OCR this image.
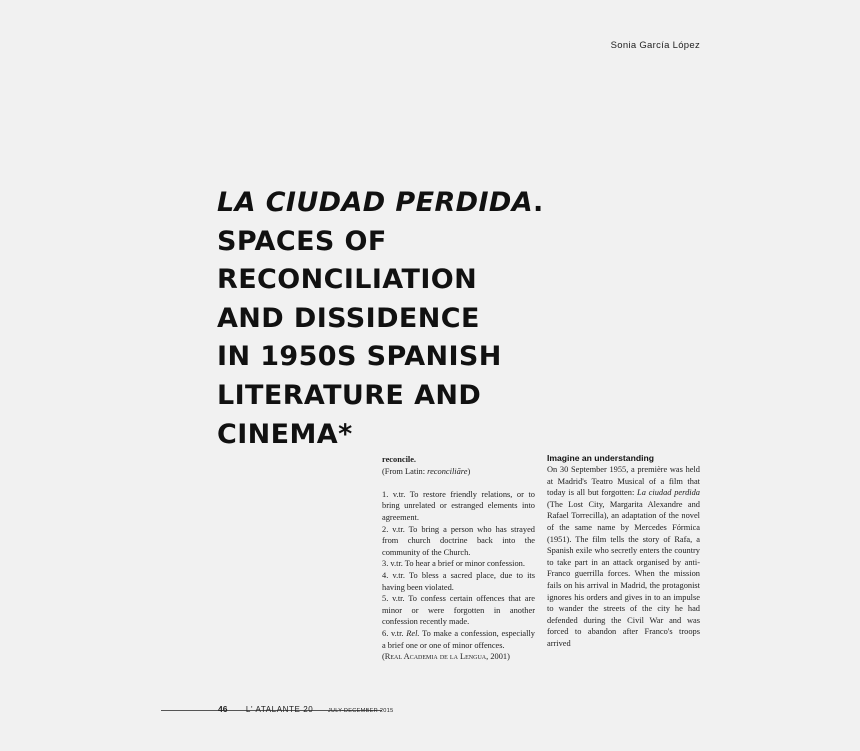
Sonia García López
LA CIUDAD PERDIDA.
SPACES OF
RECONCILIATION
AND DISSIDENCE
IN 1950S SPANISH
LITERATURE AND
CINEMA*
reconcile.
(From Latin: reconciliāre)

1. v.tr. To restore friendly relations, or to bring unrelated or estranged elements into agreement.

2. v.tr. To bring a person who has strayed from church doctrine back into the community of the Church.

3. v.tr. To hear a brief or minor confession.

4. v.tr. To bless a sacred place, due to its having been violated.

5. v.tr. To confess certain offences that are minor or were forgotten in another confession recently made.

6. v.tr. Rel. To make a confession, especially a brief one or one of minor offences.

(Real Academia de la Lengua, 2001)

Imagine an understanding

On 30 September 1955, a première was held at Madrid's Teatro Musical of a film that today is all but forgotten: La ciudad perdida (The Lost City, Margarita Alexandre and Rafael Torrecilla), an adaptation of the novel of the same name by Mercedes Fórmica (1951). The film tells the story of Rafa, a Spanish exile who secretly enters the country to take part in an attack organised by anti-Franco guerrilla forces. When the mission fails on his arrival in Madrid, the protagonist ignores his orders and gives in to an impulse to wander the streets of the city he had defended during the Civil War and was forced to abandon after Franco's troops arrived

46 L' ATALANTE 20	JULY-DECEMBER 2015
